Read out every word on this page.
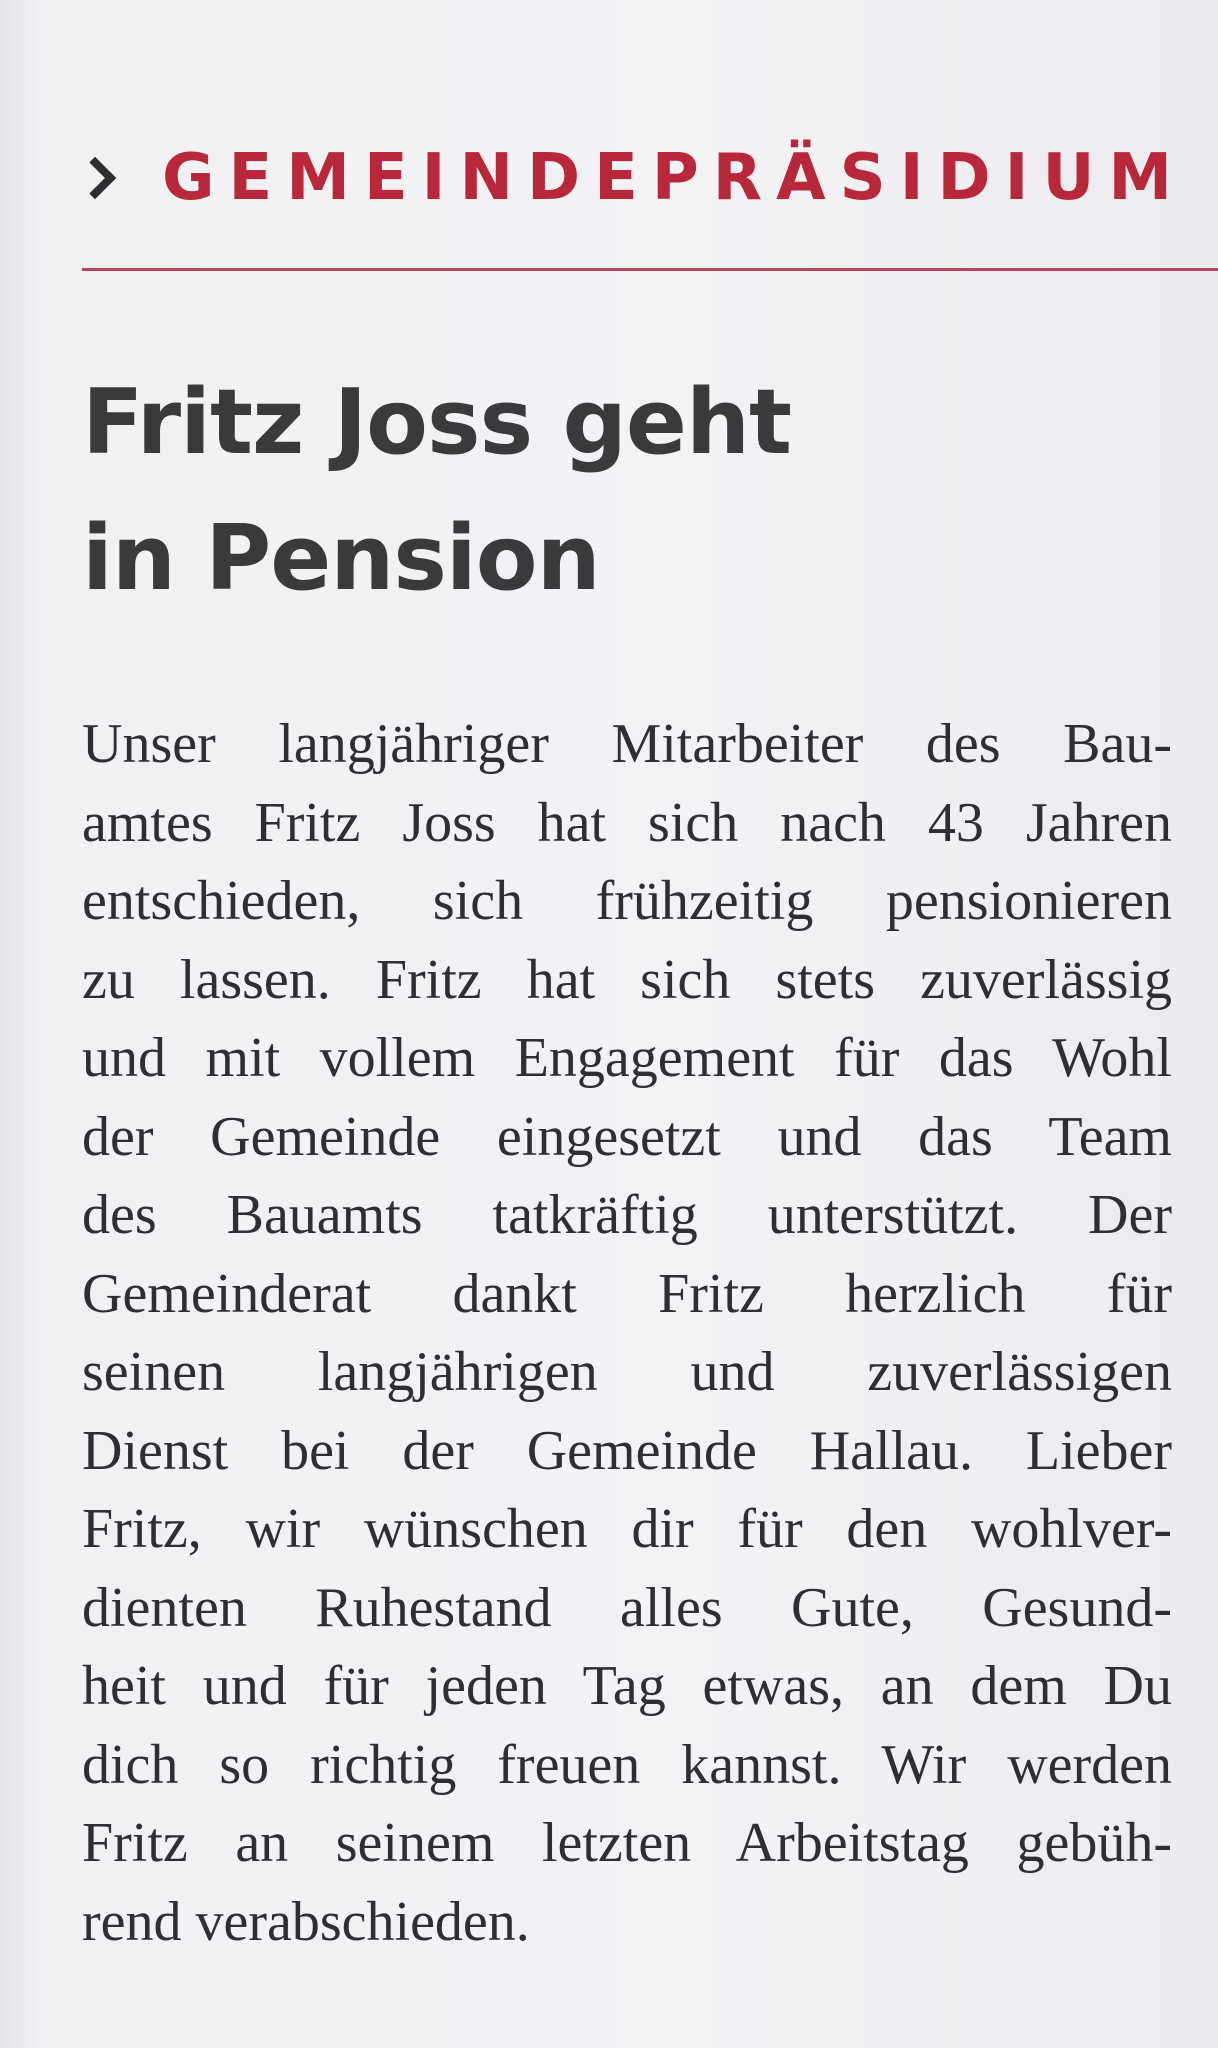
GEMEINDEPRÄSIDIUM
Fritz Joss geht
in Pension
Unser langjähriger Mitarbeiter des Bau-
amtes Fritz Joss hat sich nach 43 Jahren
entschieden, sich frühzeitig pensionieren
zu lassen. Fritz hat sich stets zuverlässig
und mit vollem Engagement für das Wohl
der Gemeinde eingesetzt und das Team
des Bauamts tatkräftig unterstützt. Der
Gemeinderat dankt Fritz herzlich für
seinen langjährigen und zuverlässigen
Dienst bei der Gemeinde Hallau. Lieber
Fritz, wir wünschen dir für den wohlver-
dienten Ruhestand alles Gute, Gesund-
heit und für jeden Tag etwas, an dem Du
dich so richtig freuen kannst. Wir werden
Fritz an seinem letzten Arbeitstag gebüh-
rend verabschieden.
